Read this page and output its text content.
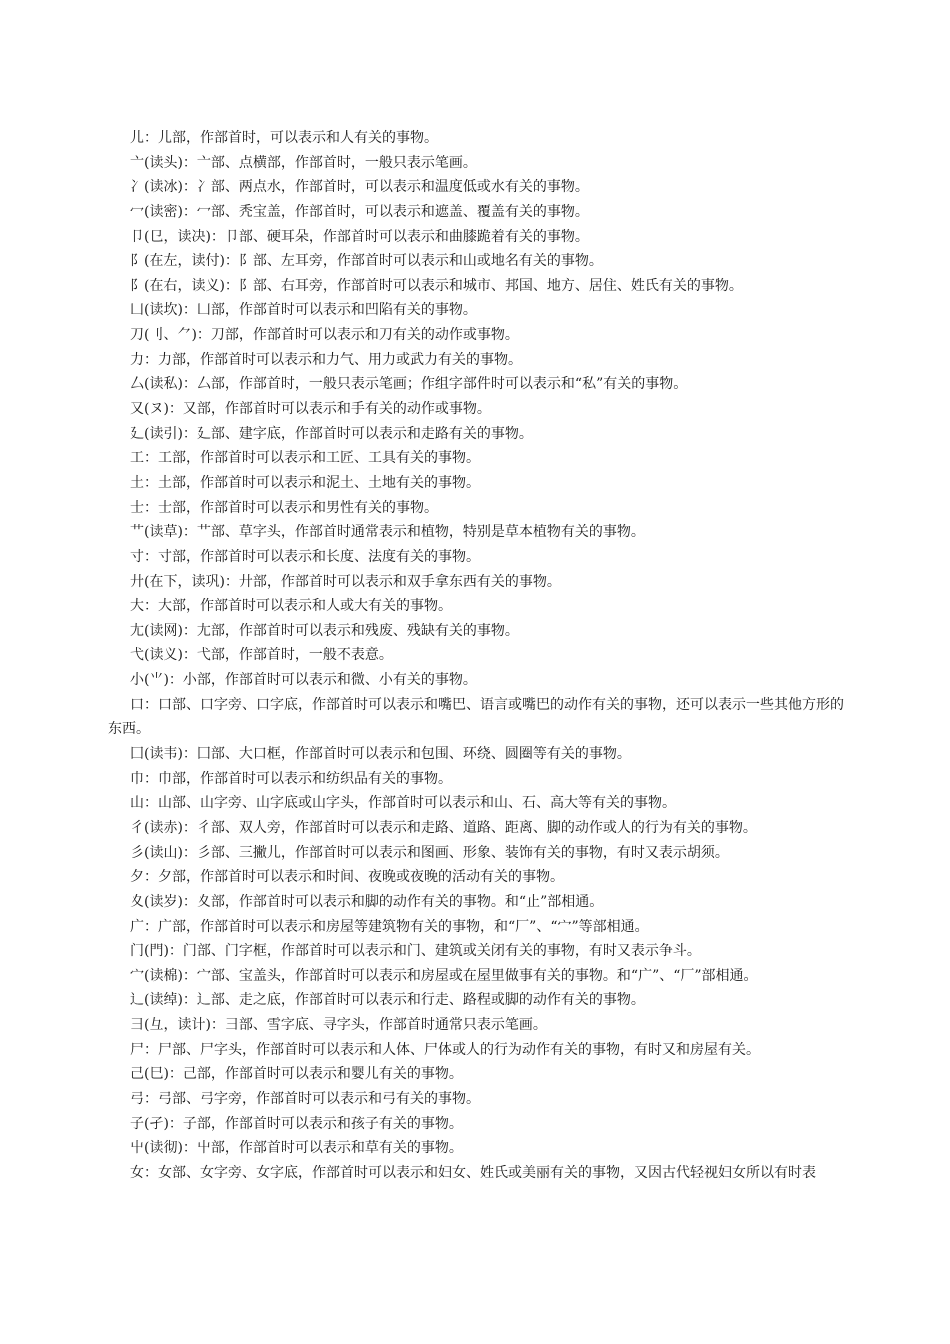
儿：儿部，作部首时，可以表示和人有关的事物。

亠(读头)：亠部、点横部，作部首时，一般只表示笔画。

冫(读冰)：冫部、两点水，作部首时，可以表示和温度低或水有关的事物。

冖(读密)：冖部、秃宝盖，作部首时，可以表示和遮盖、覆盖有关的事物。

卩(㔾，读决)：卩部、硬耳朵，作部首时可以表示和曲膝跪着有关的事物。

阝(在左，读付)：阝部、左耳旁，作部首时可以表示和山或地名有关的事物。

阝(在右，读义)：阝部、右耳旁，作部首时可以表示和城市、邦国、地方、居住、姓氏有关的事物。

凵(读坎)：凵部，作部首时可以表示和凹陷有关的事物。

刀(刂、⺈)：刀部，作部首时可以表示和刀有关的动作或事物。

力：力部，作部首时可以表示和力气、用力或武力有关的事物。

厶(读私)：厶部，作部首时，一般只表示笔画；作组字部件时可以表示和“私”有关的事物。

又(ヌ)：又部，作部首时可以表示和手有关的动作或事物。

廴(读引)：廴部、建字底，作部首时可以表示和走路有关的事物。

工：工部，作部首时可以表示和工匠、工具有关的事物。

土：土部，作部首时可以表示和泥土、土地有关的事物。

士：士部，作部首时可以表示和男性有关的事物。

艹(读草)：艹部、草字头，作部首时通常表示和植物，特别是草本植物有关的事物。

寸：寸部，作部首时可以表示和长度、法度有关的事物。

廾(在下，读巩)：廾部，作部首时可以表示和双手拿东西有关的事物。

大：大部，作部首时可以表示和人或大有关的事物。

尢(读网)：尢部，作部首时可以表示和残废、残缺有关的事物。

弋(读义)：弋部，作部首时，一般不表意。

小(⺌)：小部，作部首时可以表示和微、小有关的事物。

口：口部、口字旁、口字底，作部首时可以表示和嘴巴、语言或嘴巴的动作有关的事物，还可以表示一些其他方形的东西。

囗(读韦)：囗部、大口框，作部首时可以表示和包围、环绕、圆圈等有关的事物。

巾：巾部，作部首时可以表示和纺织品有关的事物。

山：山部、山字旁、山字底或山字头，作部首时可以表示和山、石、高大等有关的事物。

彳(读赤)：彳部、双人旁，作部首时可以表示和走路、道路、距离、脚的动作或人的行为有关的事物。

彡(读山)：彡部、三撇儿，作部首时可以表示和图画、形象、装饰有关的事物，有时又表示胡须。

夕：夕部，作部首时可以表示和时间、夜晚或夜晚的活动有关的事物。

夊(读岁)：夊部，作部首时可以表示和脚的动作有关的事物。和“止”部相通。

广：广部，作部首时可以表示和房屋等建筑物有关的事物，和“厂”、“宀”等部相通。

门(門)：门部、门字框，作部首时可以表示和门、建筑或关闭有关的事物，有时又表示争斗。

宀(读棉)：宀部、宝盖头，作部首时可以表示和房屋或在屋里做事有关的事物。和“广”、“厂”部相通。

辶(读绰)：辶部、走之底，作部首时可以表示和行走、路程或脚的动作有关的事物。

彐(彑，读计)：彐部、雪字底、寻字头，作部首时通常只表示笔画。

尸：尸部、尸字头，作部首时可以表示和人体、尸体或人的行为动作有关的事物，有时又和房屋有关。

己(巳)：己部，作部首时可以表示和婴儿有关的事物。

弓：弓部、弓字旁，作部首时可以表示和弓有关的事物。

子(孑)：子部，作部首时可以表示和孩子有关的事物。

屮(读彻)：屮部，作部首时可以表示和草有关的事物。

女：女部、女字旁、女字底，作部首时可以表示和妇女、姓氏或美丽有关的事物，又因古代轻视妇女所以有时表
